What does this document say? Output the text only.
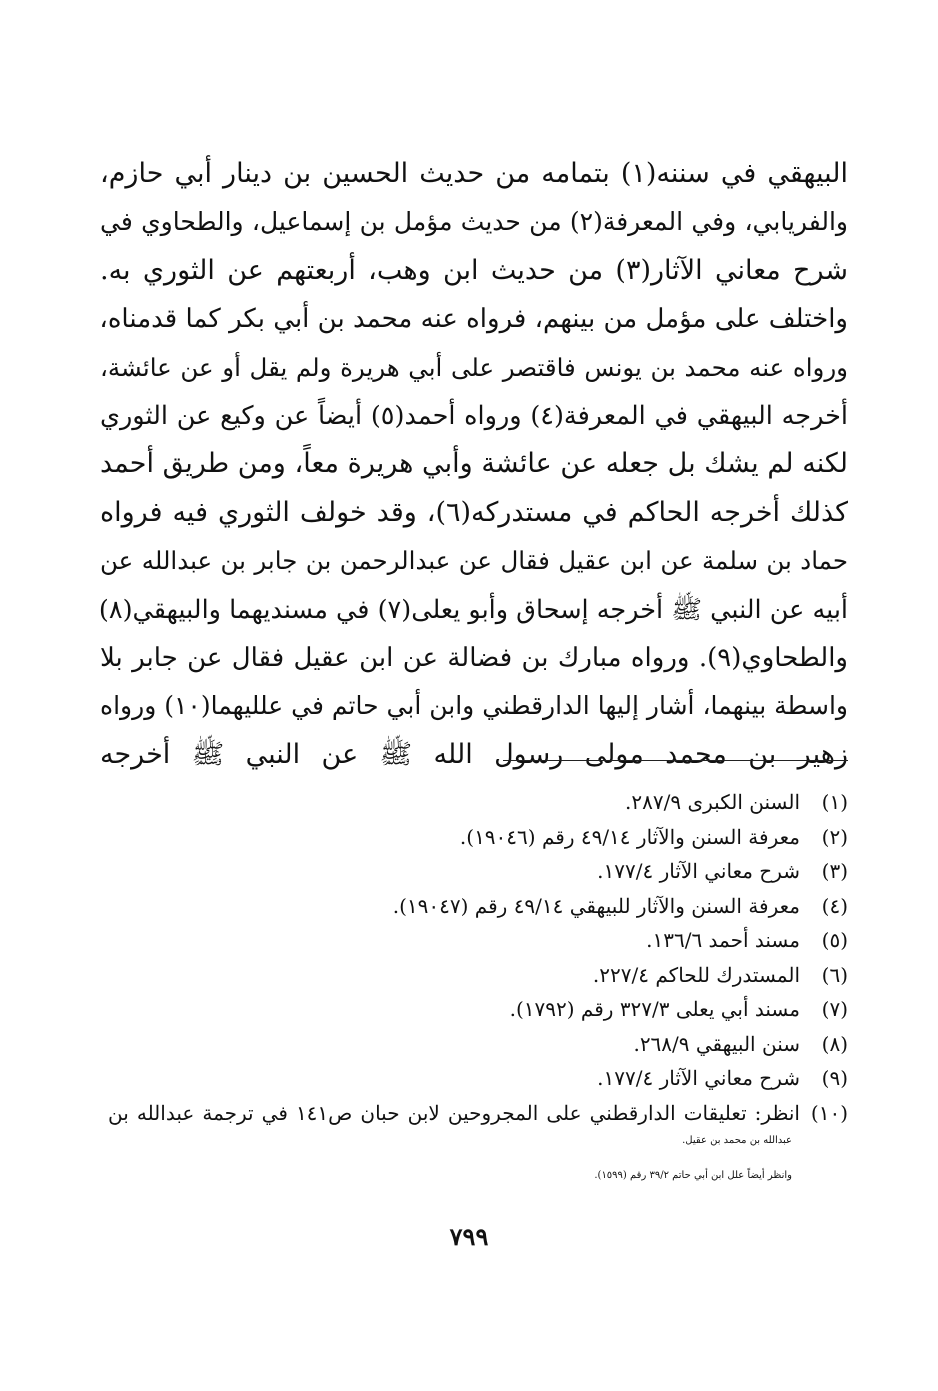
البيهقي في سننه(١) بتمامه من حديث الحسين بن دينار أبي حازم،
والفريابي، وفي المعرفة(٢) من حديث مؤمل بن إسماعيل، والطحاوي في
شرح معاني الآثار(٣) من حديث ابن وهب، أربعتهم عن الثوري به.
واختلف على مؤمل من بينهم، فرواه عنه محمد بن أبي بكر كما قدمناه،
ورواه عنه محمد بن يونس فاقتصر على أبي هريرة ولم يقل أو عن عائشة،
أخرجه البيهقي في المعرفة(٤) ورواه أحمد(٥) أيضاً عن وكيع عن الثوري
لكنه لم يشك بل جعله عن عائشة وأبي هريرة معاً، ومن طريق أحمد
كذلك أخرجه الحاكم في مستدركه(٦)، وقد خولف الثوري فيه فرواه
حماد بن سلمة عن ابن عقيل فقال عن عبدالرحمن بن جابر بن عبدالله عن
أبيه عن النبي ﷺ أخرجه إسحاق وأبو يعلى(٧) في مسنديهما والبيهقي(٨)
والطحاوي(٩). ورواه مبارك بن فضالة عن ابن عقيل فقال عن جابر بلا
واسطة بينهما، أشار إليها الدارقطني وابن أبي حاتم في علليهما(١٠) ورواه
زهير بن محمد مولى رسول الله ﷺ عن النبي ﷺ أخرجه
(١)
السنن الكبرى ٢٨٧/٩.
(٢)
معرفة السنن والآثار ٤٩/١٤ رقم (١٩٠٤٦).
(٣)
شرح معاني الآثار ١٧٧/٤.
(٤)
معرفة السنن والآثار للبيهقي ٤٩/١٤ رقم (١٩٠٤٧).
(٥)
مسند أحمد ١٣٦/٦.
(٦)
المستدرك للحاكم ٢٢٧/٤.
(٧)
مسند أبي يعلى ٣٢٧/٣ رقم (١٧٩٢).
(٨)
سنن البيهقي ٢٦٨/٩.
(٩)
شرح معاني الآثار ١٧٧/٤.
(١٠)
انظر: تعليقات الدارقطني على المجروحين لابن حبان ص١٤١ في ترجمة عبدالله بن
عبدالله بن محمد بن عقيل.
وانظر أيضاً علل ابن أبي حاتم ٣٩/٢ رقم (١٥٩٩).
٧٩٩
